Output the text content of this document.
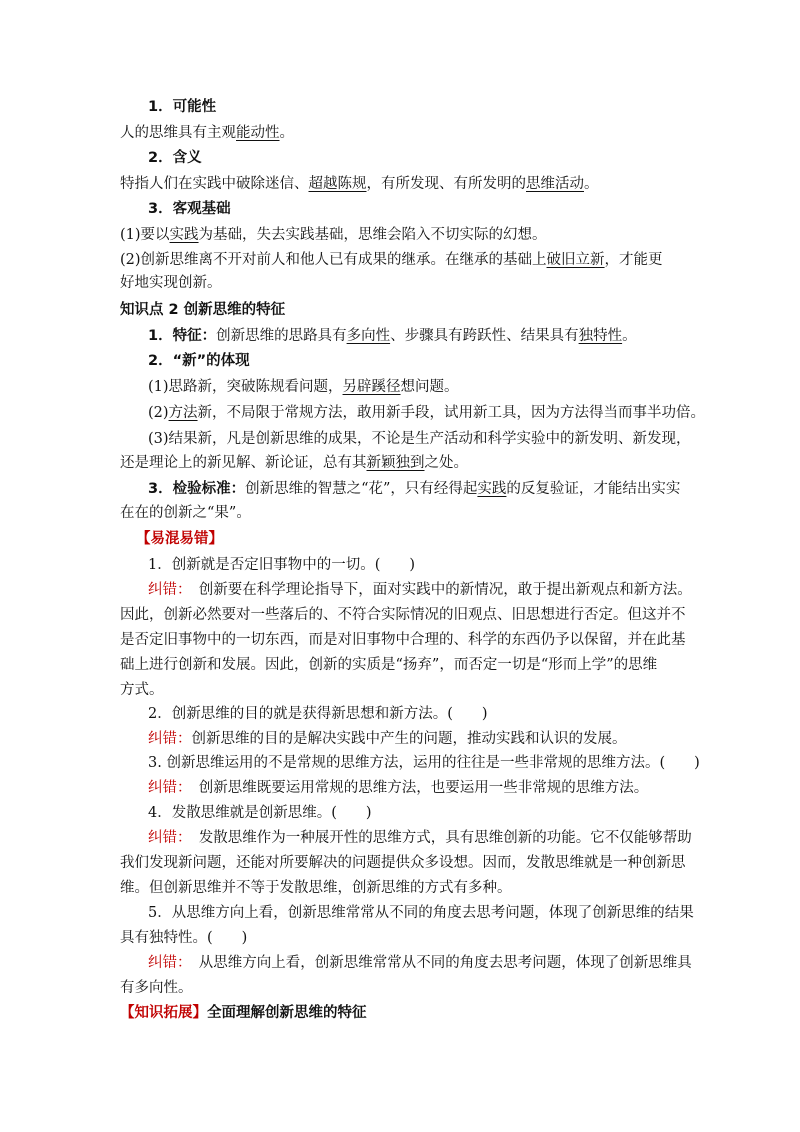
1．可能性
人的思维具有主观能动性。
2．含义
特指人们在实践中破除迷信、超越陈规，有所发现、有所发明的思维活动。
3．客观基础
(1)要以实践为基础，失去实践基础，思维会陷入不切实际的幻想。
(2)创新思维离不开对前人和他人已有成果的继承。在继承的基础上破旧立新，才能更
好地实现创新。
知识点 2 创新思维的特征
1．特征：创新思维的思路具有多向性、步骤具有跨跃性、结果具有独特性。
2．“新”的体现
(1)思路新，突破陈规看问题，另辟蹊径想问题。
(2)方法新，不局限于常规方法，敢用新手段，试用新工具，因为方法得当而事半功倍。
(3)结果新，凡是创新思维的成果，不论是生产活动和科学实验中的新发明、新发现，
还是理论上的新见解、新论证，总有其新颖独到之处。
3．检验标准：创新思维的智慧之“花”，只有经得起实践的反复验证，才能结出实实
在在的创新之“果”。
【易混易错】
1．创新就是否定旧事物中的一切。(　　)
纠错：　 创新要在科学理论指导下，面对实践中的新情况，敢于提出新观点和新方法。
因此，创新必然要对一些落后的、不符合实际情况的旧观点、旧思想进行否定。但这并不
是否定旧事物中的一切东西，而是对旧事物中合理的、科学的东西仍予以保留，并在此基
础上进行创新和发展。因此，创新的实质是“扬弃”，而否定一切是“形而上学”的思维
方式。
2．创新思维的目的就是获得新思想和新方法。(　　)
纠错：创新思维的目的是解决实践中产生的问题，推动实践和认识的发展。
3. 创新思维运用的不是常规的思维方法，运用的往往是一些非常规的思维方法。(　　)
纠错：　 创新思维既要运用常规的思维方法，也要运用一些非常规的思维方法。
4．发散思维就是创新思维。(　　)
纠错：　 发散思维作为一种展开性的思维方式，具有思维创新的功能。它不仅能够帮助
我们发现新问题，还能对所要解决的问题提供众多设想。因而，发散思维就是一种创新思
维。但创新思维并不等于发散思维，创新思维的方式有多种。
5．从思维方向上看，创新思维常常从不同的角度去思考问题，体现了创新思维的结果
具有独特性。(　　)
纠错：　 从思维方向上看，创新思维常常从不同的角度去思考问题，体现了创新思维具
有多向性。
【知识拓展】全面理解创新思维的特征
